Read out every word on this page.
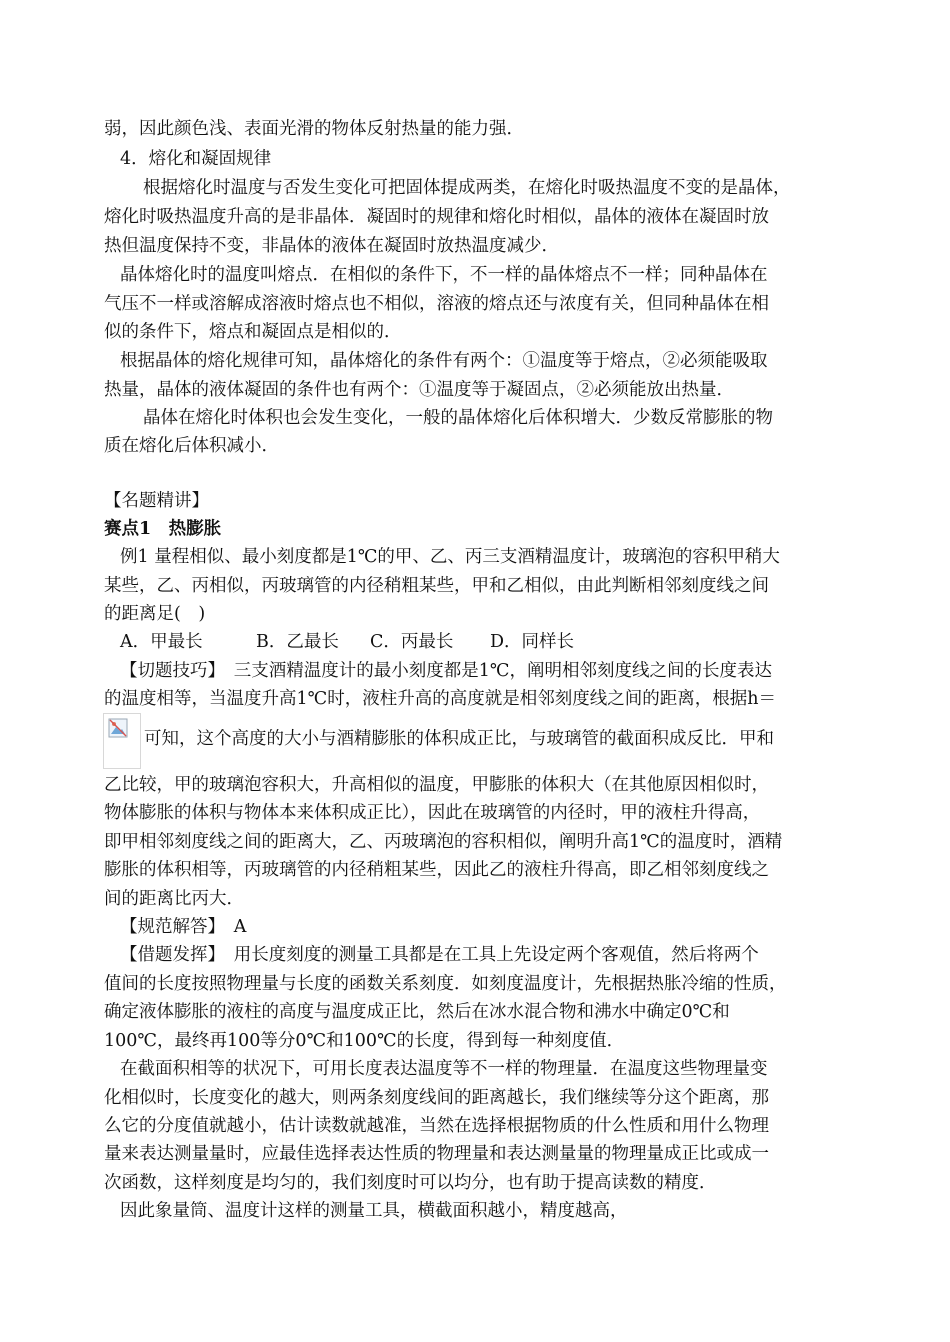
弱，因此颜色浅、表面光滑的物体反射热量的能力强．
4．熔化和凝固规律
根据熔化时温度与否发生变化可把固体提成两类，在熔化时吸热温度不变的是晶体，
熔化时吸热温度升高的是非晶体．凝固时的规律和熔化时相似，晶体的液体在凝固时放
热但温度保持不变，非晶体的液体在凝固时放热温度减少．
晶体熔化时的温度叫熔点．在相似的条件下，不一样的晶体熔点不一样；同种晶体在
气压不一样或溶解成溶液时熔点也不相似，溶液的熔点还与浓度有关，但同种晶体在相
似的条件下，熔点和凝固点是相似的．
根据晶体的熔化规律可知，晶体熔化的条件有两个：①温度等于熔点，②必须能吸取
热量，晶体的液体凝固的条件也有两个：①温度等于凝固点，②必须能放出热量．
晶体在熔化时体积也会发生变化，一般的晶体熔化后体积增大．少数反常膨胀的物
质在熔化后体积减小．
【名题精讲】
赛点1　热膨胀
例1 量程相似、最小刻度都是1℃的甲、乙、丙三支酒精温度计，玻璃泡的容积甲稍大
某些，乙、丙相似，丙玻璃管的内径稍粗某些，甲和乙相似，由此判断相邻刻度线之间
的距离足(　)
A．甲最长	B．乙最长 C．丙最长 D．同样长
【切题技巧】　三支酒精温度计的最小刻度都是1℃，阐明相邻刻度线之间的长度表达
的温度相等，当温度升高1℃时，液柱升高的高度就是相邻刻度线之间的距离，根据h＝
可知，这个高度的大小与酒精膨胀的体积成正比，与玻璃管的截面积成反比．甲和
乙比较，甲的玻璃泡容积大，升高相似的温度，甲膨胀的体积大（在其他原因相似时，
物体膨胀的体积与物体本来体积成正比），因此在玻璃管的内径时，甲的液柱升得高，
即甲相邻刻度线之间的距离大，乙、丙玻璃泡的容积相似，阐明升高1℃的温度时，酒精
膨胀的体积相等，丙玻璃管的内径稍粗某些，因此乙的液柱升得高，即乙相邻刻度线之
间的距离比丙大．
【规范解答】　A
【借题发挥】　用长度刻度的测量工具都是在工具上先设定两个客观值，然后将两个
值间的长度按照物理量与长度的函数关系刻度．如刻度温度计，先根据热胀冷缩的性质，
确定液体膨胀的液柱的高度与温度成正比，然后在冰水混合物和沸水中确定0℃和
100℃，最终再100等分0℃和100℃的长度，得到每一种刻度值．
在截面积相等的状况下，可用长度表达温度等不一样的物理量．在温度这些物理量变
化相似时，长度变化的越大，则两条刻度线间的距离越长，我们继续等分这个距离，那
么它的分度值就越小，估计读数就越准，当然在选择根据物质的什么性质和用什么物理
量来表达测量量时，应最佳选择表达性质的物理量和表达测量量的物理量成正比或成一
次函数，这样刻度是均匀的，我们刻度时可以均分，也有助于提高读数的精度．
因此象量筒、温度计这样的测量工具，横截面积越小，精度越高，
